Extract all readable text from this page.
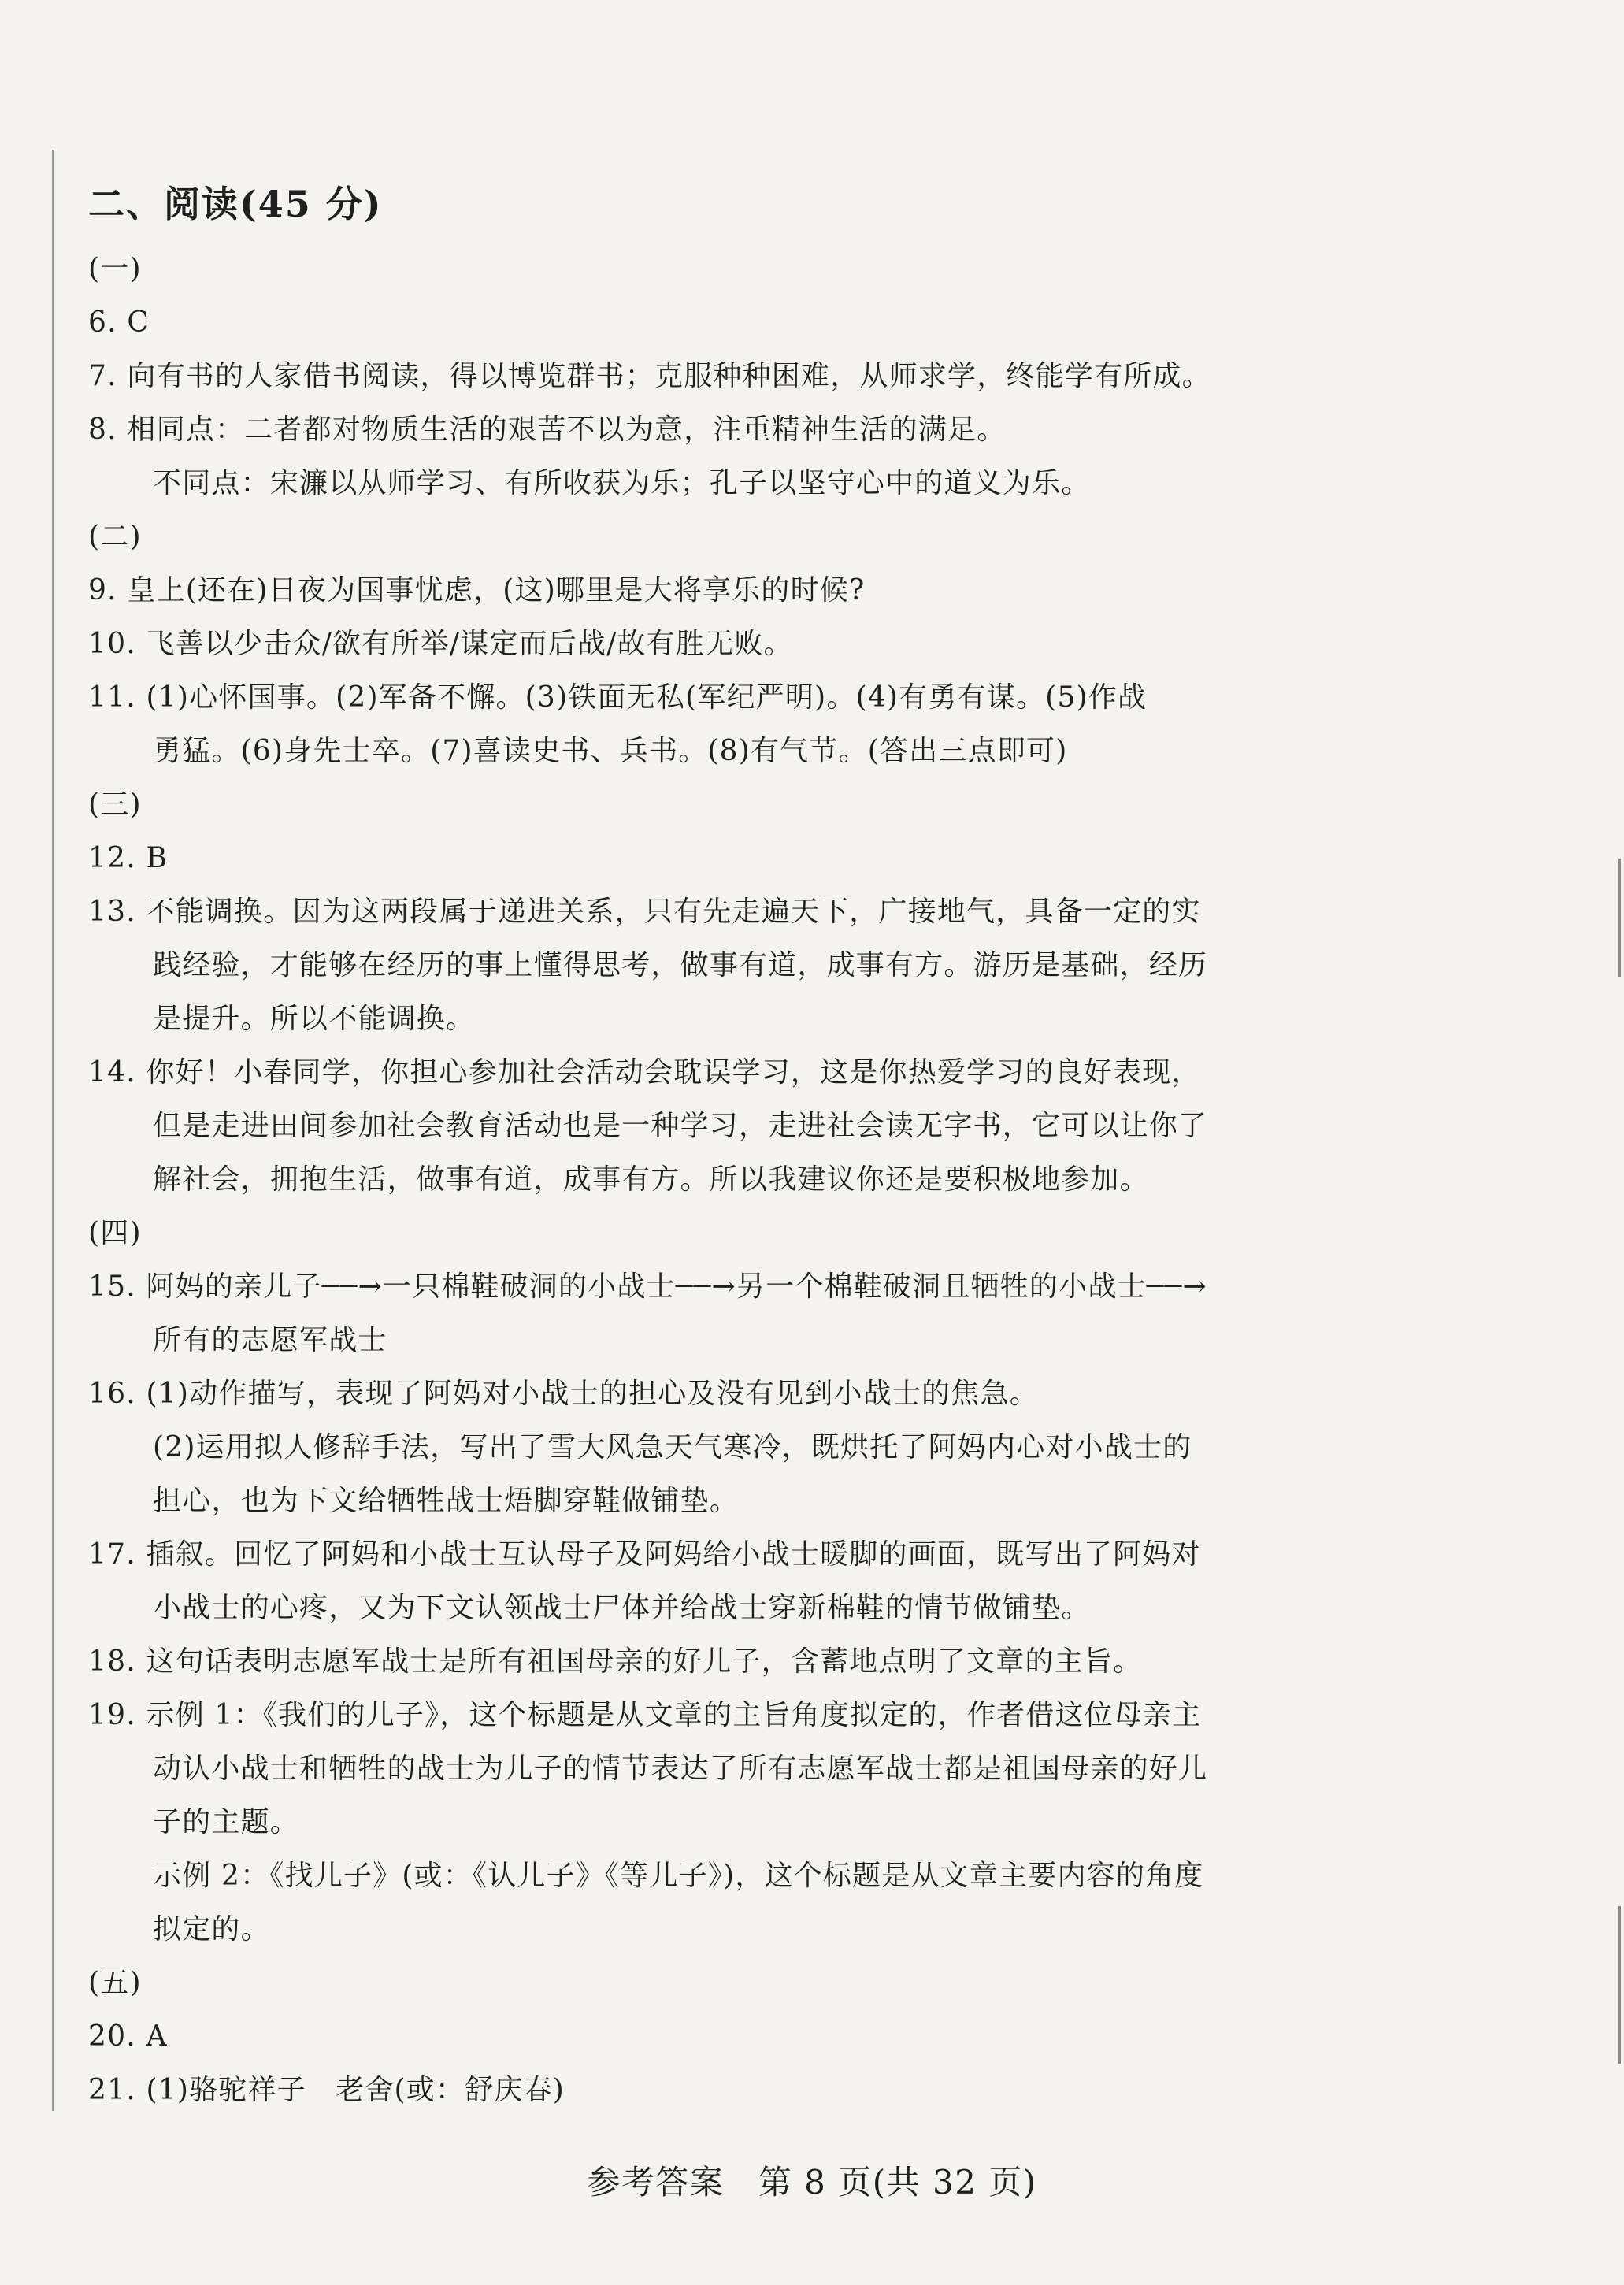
二、阅读(45 分)
(一)
6. C
7. 向有书的人家借书阅读，得以博览群书；克服种种困难，从师求学，终能学有所成。
8. 相同点：二者都对物质生活的艰苦不以为意，注重精神生活的满足。
不同点：宋濂以从师学习、有所收获为乐；孔子以坚守心中的道义为乐。
(二)
9. 皇上(还在)日夜为国事忧虑，(这)哪里是大将享乐的时候?
10. 飞善以少击众/欲有所举/谋定而后战/故有胜无败。
11. (1)心怀国事。(2)军备不懈。(3)铁面无私(军纪严明)。(4)有勇有谋。(5)作战
勇猛。(6)身先士卒。(7)喜读史书、兵书。(8)有气节。(答出三点即可)
(三)
12. B
13. 不能调换。因为这两段属于递进关系，只有先走遍天下，广接地气，具备一定的实
践经验，才能够在经历的事上懂得思考，做事有道，成事有方。游历是基础，经历
是提升。所以不能调换。
14. 你好！小春同学，你担心参加社会活动会耽误学习，这是你热爱学习的良好表现，
但是走进田间参加社会教育活动也是一种学习，走进社会读无字书，它可以让你了
解社会，拥抱生活，做事有道，成事有方。所以我建议你还是要积极地参加。
(四)
15. 阿妈的亲儿子──→一只棉鞋破洞的小战士──→另一个棉鞋破洞且牺牲的小战士──→
所有的志愿军战士
16. (1)动作描写，表现了阿妈对小战士的担心及没有见到小战士的焦急。
(2)运用拟人修辞手法，写出了雪大风急天气寒冷，既烘托了阿妈内心对小战士的
担心，也为下文给牺牲战士焐脚穿鞋做铺垫。
17. 插叙。回忆了阿妈和小战士互认母子及阿妈给小战士暖脚的画面，既写出了阿妈对
小战士的心疼，又为下文认领战士尸体并给战士穿新棉鞋的情节做铺垫。
18. 这句话表明志愿军战士是所有祖国母亲的好儿子，含蓄地点明了文章的主旨。
19. 示例 1：《我们的儿子》，这个标题是从文章的主旨角度拟定的，作者借这位母亲主
动认小战士和牺牲的战士为儿子的情节表达了所有志愿军战士都是祖国母亲的好儿
子的主题。
示例 2：《找儿子》(或：《认儿子》《等儿子》)，这个标题是从文章主要内容的角度
拟定的。
(五)
20. A
21. (1)骆驼祥子　老舍(或：舒庆春)
参考答案　第 8 页(共 32 页)
